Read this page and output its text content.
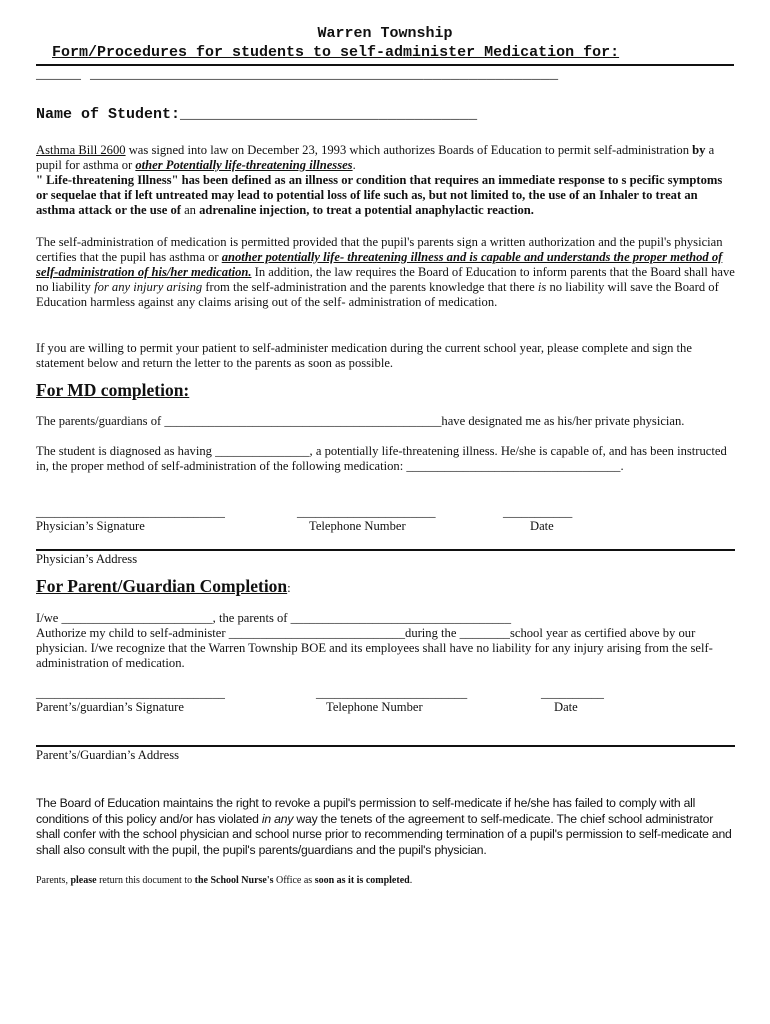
Warren Township
Form/Procedures for students to self-administer Medication for:
_____ ____________________________________________________
Name of Student:_________________________________
Asthma Bill 2600 was signed into law on December 23, 1993 which authorizes Boards of Education to permit self-administration by a pupil for asthma or other Potentially life-threatening illnesses.
" Life-threatening Illness" has been defined as an illness or condition that requires an immediate response to s pecific symptoms or sequelae that if left untreated may lead to potential loss of life such as, but not limited to, the use of an Inhaler to treat an asthma attack or the use of an adrenaline injection, to treat a potential anaphylactic reaction.
The self-administration of medication is permitted provided that the pupil's parents sign a written authorization and the pupil's physician certifies that the pupil has asthma or another potentially life- threatening illness and is capable and understands the proper method of self-administration of his/her medication. In addition, the law requires the Board of Education to inform parents that the Board shall have no liability for any injury arising from the self-administration and the parents knowledge that there is no liability will save the Board of Education harmless against any claims arising out of the self- administration of medication.
If you are willing to permit your patient to self-administer medication during the current school year, please complete and sign the statement below and return the letter to the parents as soon as possible.
For MD completion:
The parents/guardians of ____________________________________________have designated me as his/her private physician.
The student is diagnosed as having _______________, a potentially life-threatening illness. He/she is capable of, and has been instructed in, the proper method of self-administration of the following medication: __________________________________.
______________________________	______________________	___________
Physician’s Signature	Telephone Number	Date
Physician’s Address
For Parent/Guardian Completion:
I/we ________________________, the parents of ___________________________________
Authorize my child to self-administer ____________________________during the ________school year as certified above by our physician. I/we recognize that the Warren Township BOE and its employees shall have no liability for any injury arising from the self-administration of medication.
______________________________	________________________	__________
Parent’s/guardian’s Signature	Telephone Number	Date
Parent’s/Guardian’s Address
The Board of Education maintains the right to revoke a pupil's permission to self-medicate if he/she has failed to comply with all conditions of this policy and/or has violated in any way the tenets of the agreement to self-medicate. The chief school administrator shall confer with the school physician and school nurse prior to recommending termination of a pupil's permission to self-medicate and shall also consult with the pupil, the pupil's parents/guardians and the pupil's physician.
Parents, please return this document to the School Nurse's Office as soon as it is completed.
